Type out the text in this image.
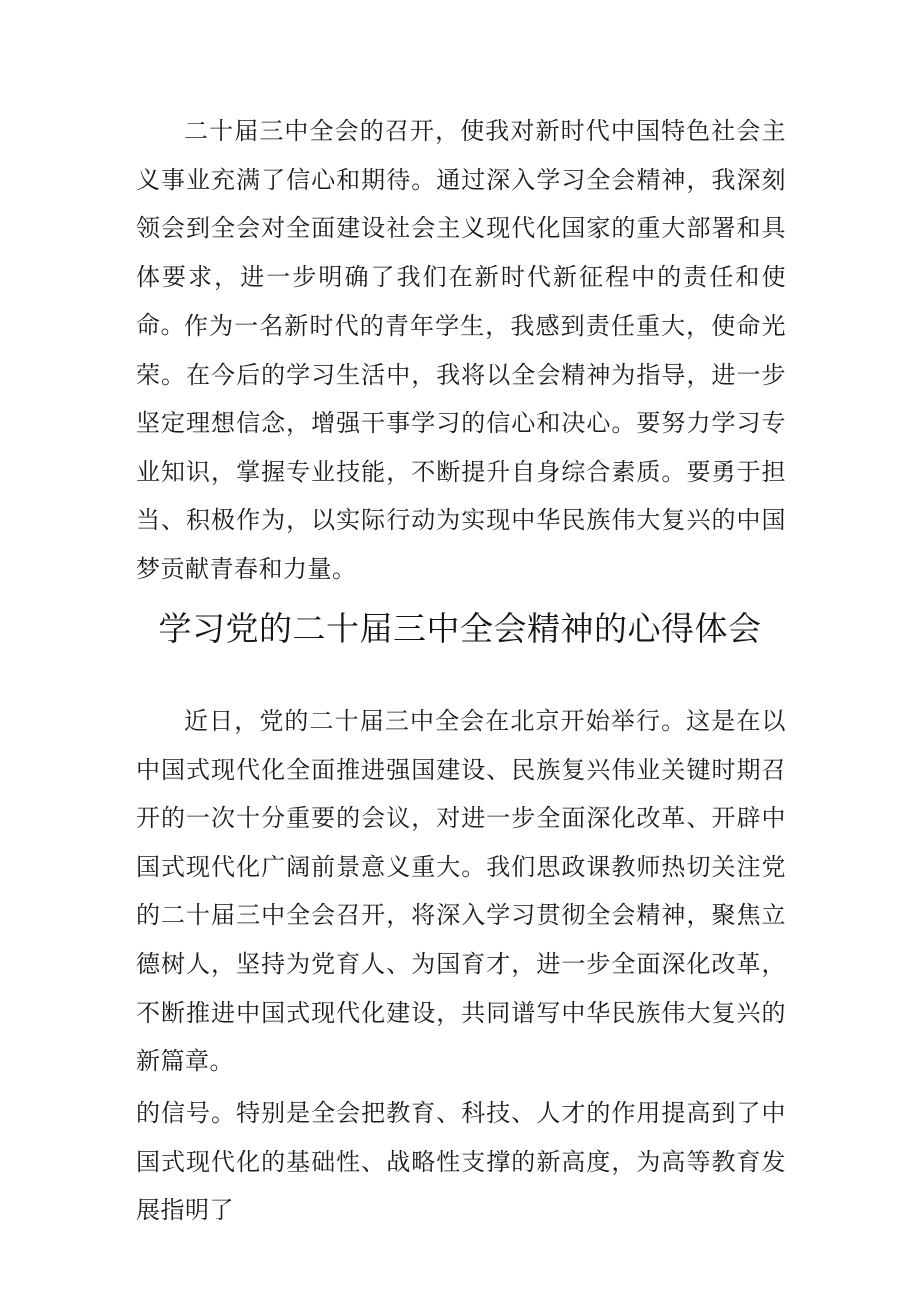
二十届三中全会的召开，使我对新时代中国特色社会主义事业充满了信心和期待。通过深入学习全会精神，我深刻领会到全会对全面建设社会主义现代化国家的重大部署和具体要求，进一步明确了我们在新时代新征程中的责任和使命。 作为一名新时代的青年学生，我感到责任重大，使命光荣。在今后的学习生活中，我将以全会精神为指导，进一步坚定理想信念，增强干事学习的信心和决心。要努力学习专业知识，掌握专业技能，不断提升自身综合素质。要勇于担当、积极作为，以实际行动为实现中华民族伟大复兴的中国梦贡献青春和力量。

学习党的二十届三中全会精神的心得体会

近日，党的二十届三中全会在北京开始举行。这是在以中国式现代化全面推进强国建设、民族复兴伟业关键时期召开的一次十分重要的会议，对进一步全面深化改革、开辟中国式现代化广阔前景意义重大。我们思政课教师热切关注党的二十届三中全会召开，将深入学习贯彻全会精神，聚焦立德树人，坚持为党育人、为国育才，进一步全面深化改革，不断推进中国式现代化建设，共同谱写中华民族伟大复兴的新篇章。

的信号。特别是全会把教育、科技、人才的作用提高到了中国式现代化的基础性、战略性支撑的新高度，为高等教育发展指明了
